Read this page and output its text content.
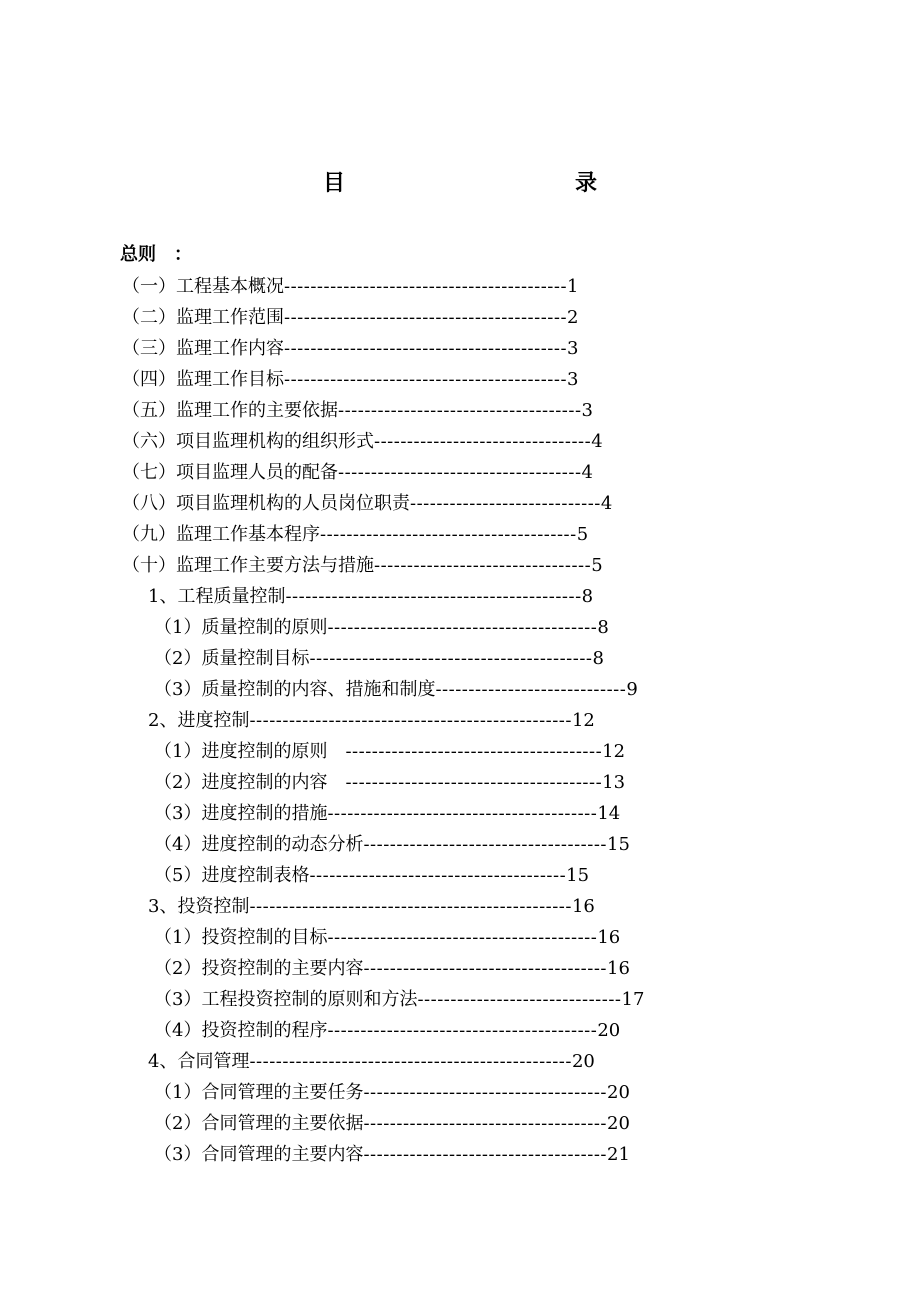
目　　录
总则　：
（一）工程基本概况-------------------------------------------1
（二）监理工作范围-------------------------------------------2
（三）监理工作内容-------------------------------------------3
（四）监理工作目标-------------------------------------------3
（五）监理工作的主要依据-------------------------------------3
（六）项目监理机构的组织形式---------------------------------4
（七）项目监理人员的配备-------------------------------------4
（八）项目监理机构的人员岗位职责-----------------------------4
（九）监理工作基本程序---------------------------------------5
（十）监理工作主要方法与措施---------------------------------5
1、工程质量控制---------------------------------------------8
（1）质量控制的原则-----------------------------------------8
（2）质量控制目标-------------------------------------------8
（3）质量控制的内容、措施和制度-----------------------------9
2、进度控制-------------------------------------------------12
（1）进度控制的原则　---------------------------------------12
（2）进度控制的内容　---------------------------------------13
（3）进度控制的措施-----------------------------------------14
（4）进度控制的动态分析-------------------------------------15
（5）进度控制表格---------------------------------------15
3、投资控制-------------------------------------------------16
（1）投资控制的目标-----------------------------------------16
（2）投资控制的主要内容-------------------------------------16
（3）工程投资控制的原则和方法-------------------------------17
（4）投资控制的程序-----------------------------------------20
4、合同管理-------------------------------------------------20
（1）合同管理的主要任务-------------------------------------20
（2）合同管理的主要依据-------------------------------------20
（3）合同管理的主要内容-------------------------------------21
